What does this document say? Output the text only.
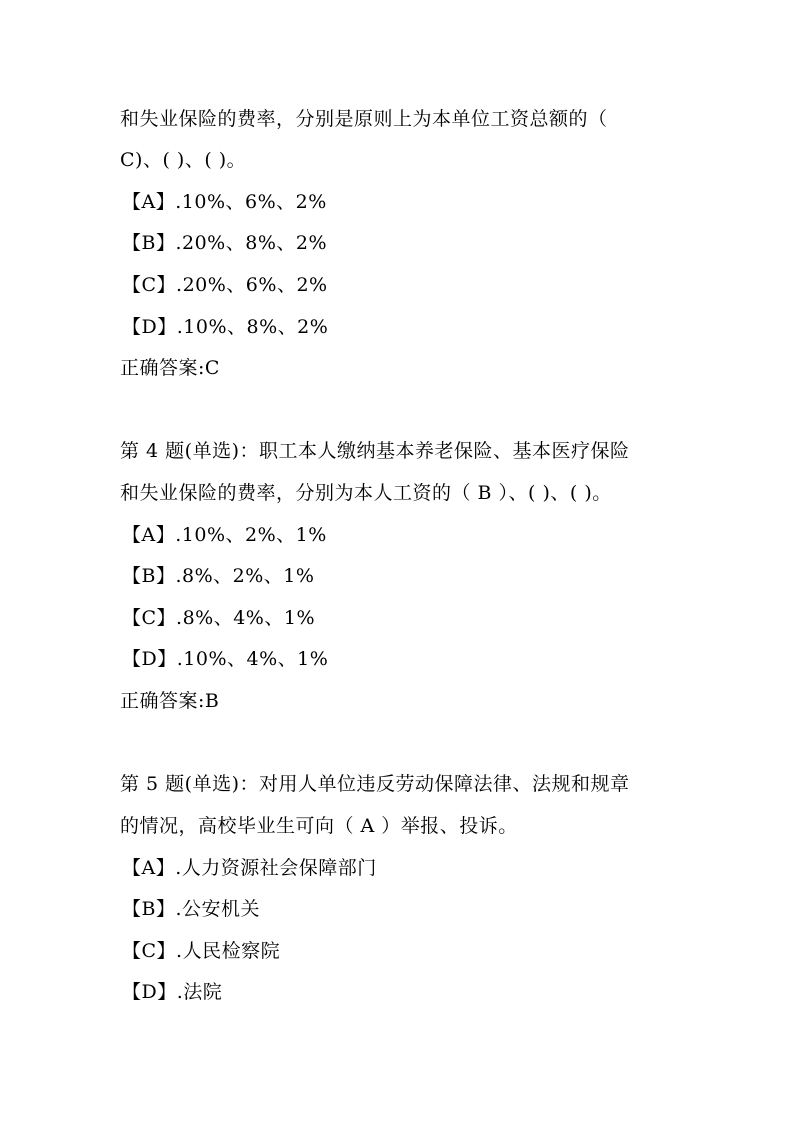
和失业保险的费率，分别是原则上为本单位工资总额的（
C)、( )、( )。
【A】.10%、6%、2%
【B】.20%、8%、2%
【C】.20%、6%、2%
【D】.10%、8%、2%
正确答案:C
第 4 题(单选)：职工本人缴纳基本养老保险、基本医疗保险
和失业保险的费率，分别为本人工资的（ B ）、( )、( )。
【A】.10%、2%、1%
【B】.8%、2%、1%
【C】.8%、4%、1%
【D】.10%、4%、1%
正确答案:B
第 5 题(单选)：对用人单位违反劳动保障法律、法规和规章
的情况，高校毕业生可向（ A ）举报、投诉。
【A】.人力资源社会保障部门
【B】.公安机关
【C】.人民检察院
【D】.法院
